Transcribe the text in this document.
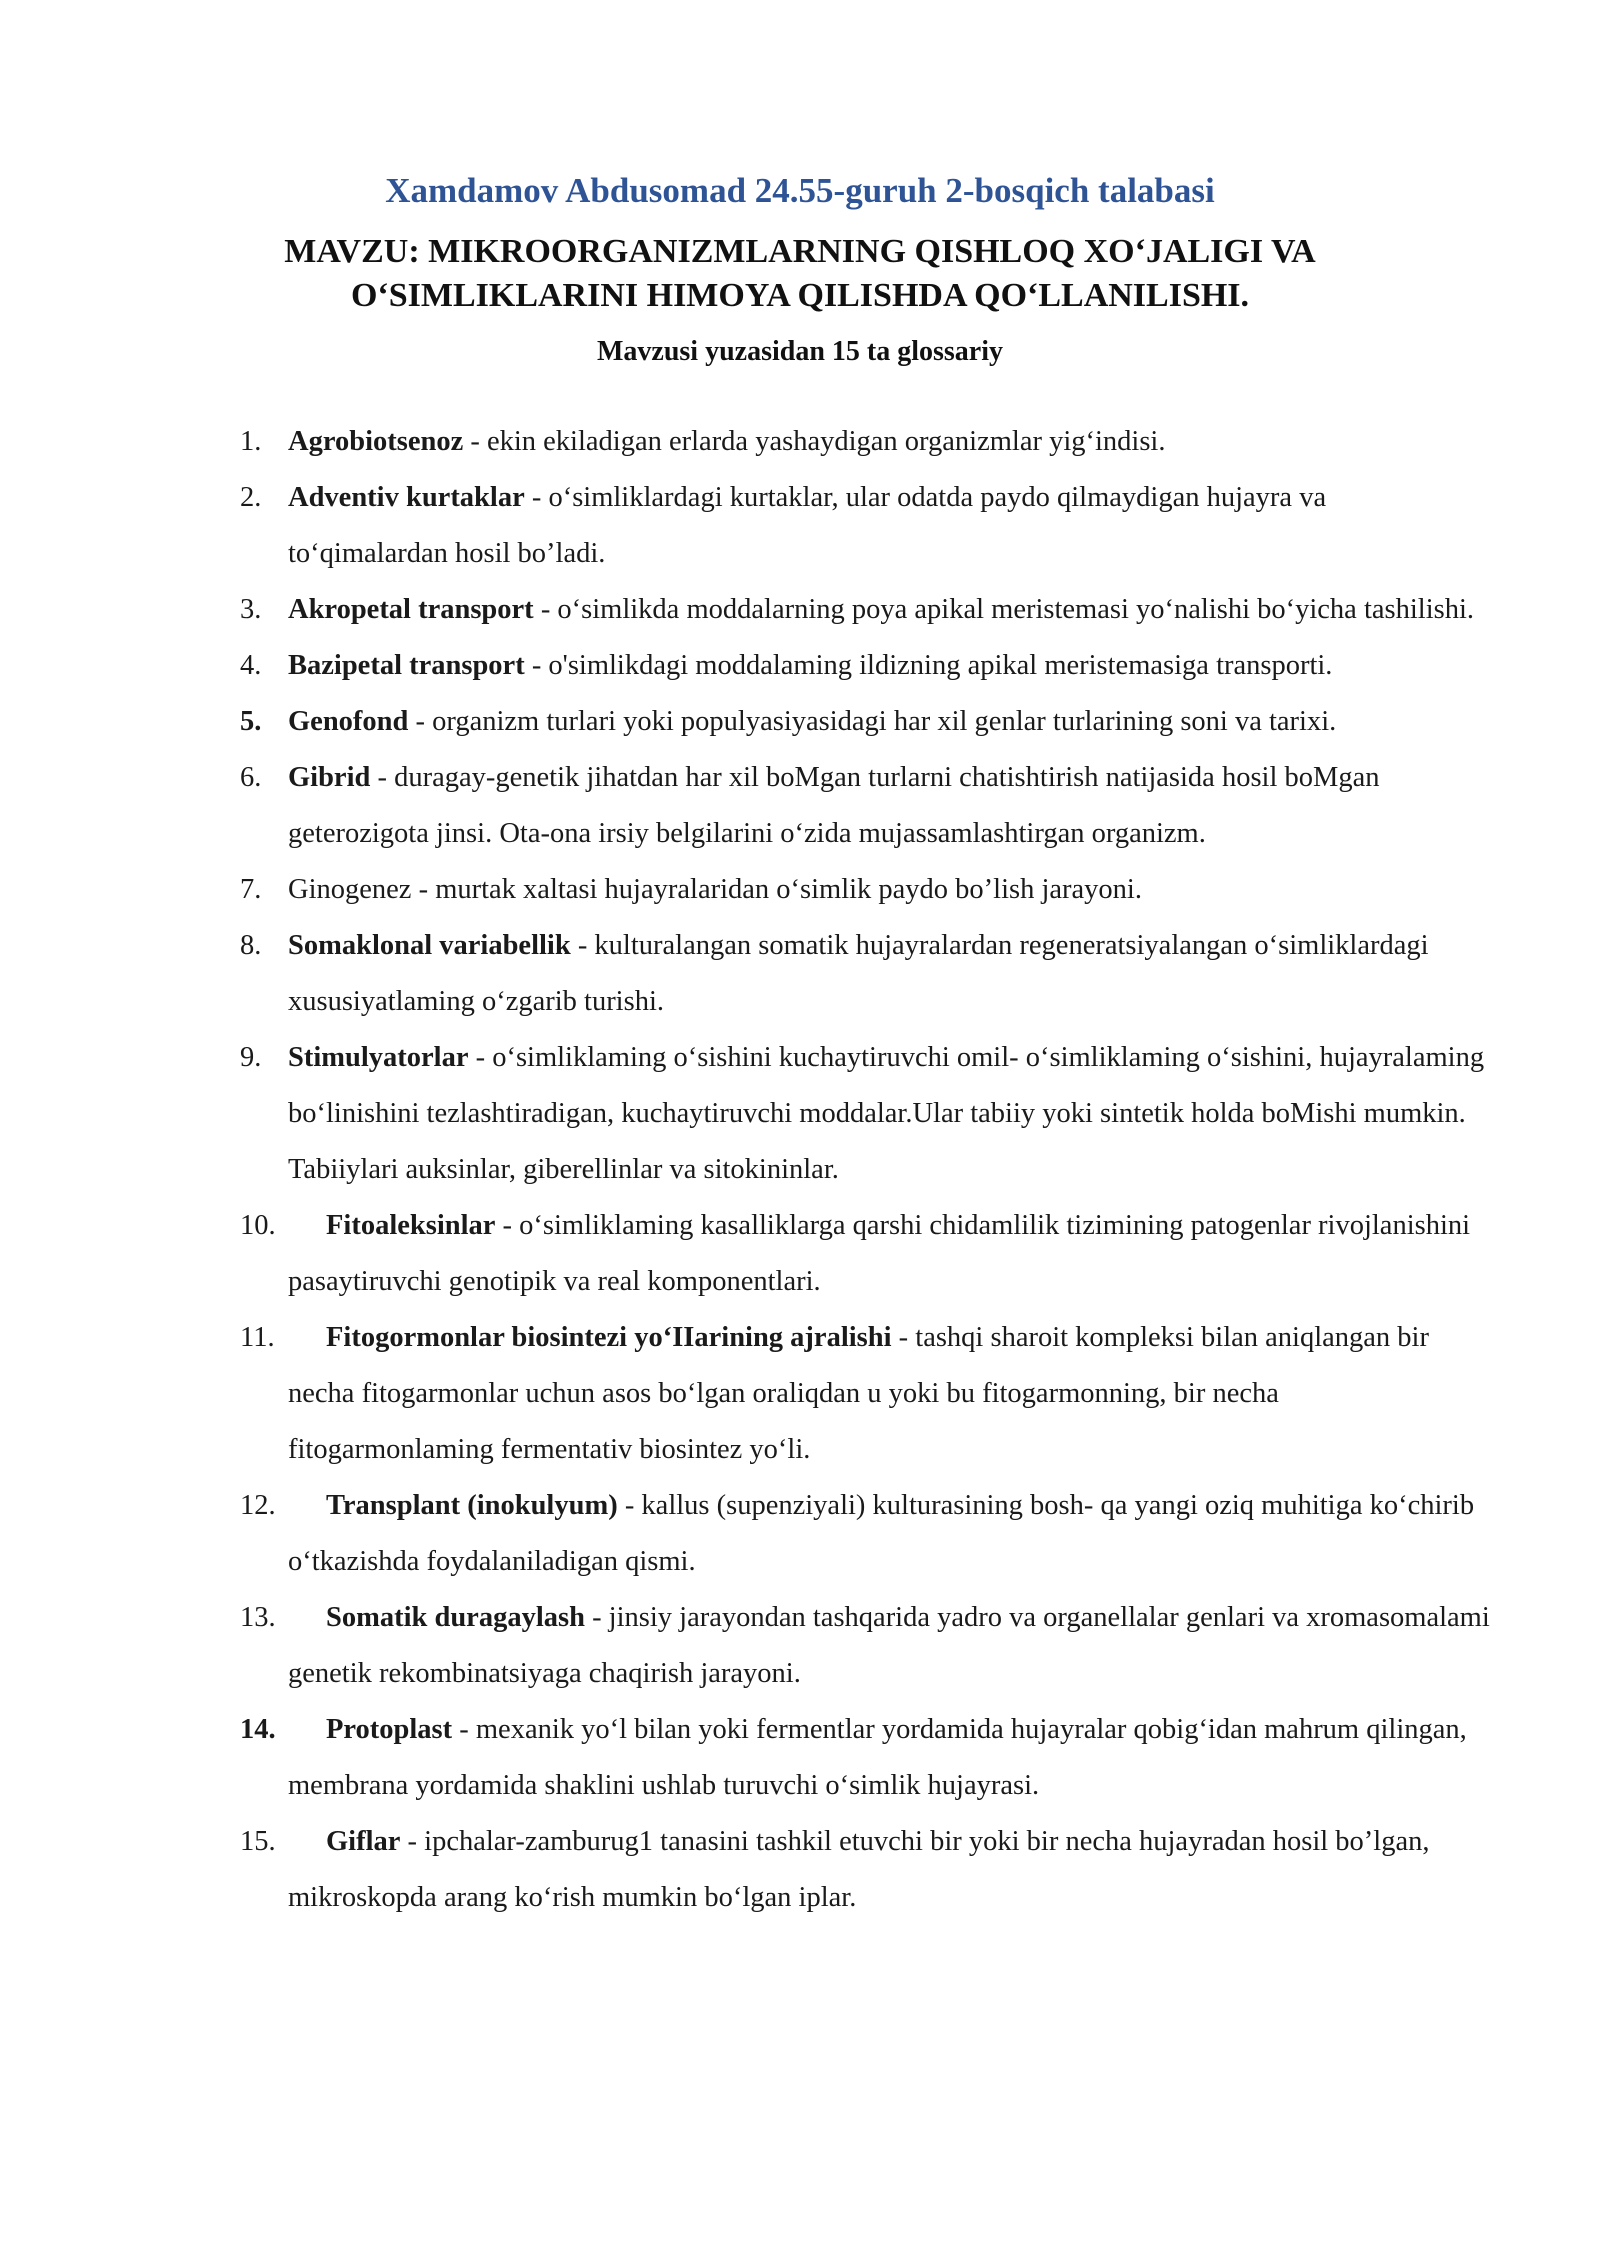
Xamdamov Abdusomad 24.55-guruh 2-bosqich talabasi
MAVZU: MIKROORGANIZMLARNING QISHLOQ XO‘JALIGI VA O‘SIMLIKLARINI HIMOYA QILISHDA QO‘LLANILISHI.
Mavzusi yuzasidan 15 ta glossariy
1. Agrobiotsenoz - ekin ekiladigan erlarda yashaydigan organizmlar yig‘indisi.
2. Adventiv kurtaklar - o‘simliklardagi kurtaklar, ular odatda paydo qilmaydigan hujayra va to‘qimalardan hosil bo’ladi.
3. Akropetal transport - o‘simlikda moddalarning poya apikal meristemasi yo‘nalishi bo‘yicha tashilishi.
4. Bazipetal transport - o'simlikdagi moddalaming ildizning apikal meristemasiga transporti.
5. Genofond - organizm turlari yoki populyasiyasidagi har xil genlar turlarining soni va tarixi.
6. Gibrid - duragay-genetik jihatdan har xil boMgan turlarni chatishtirish natijasida hosil boMgan geterozigota jinsi. Ota-ona irsiy belgilarini o‘zida mujassamlashtirgan organizm.
7. Ginogenez - murtak xaltasi hujayralaridan o‘simlik paydo bo’lish jarayoni.
8. Somaklonal variabellik - kulturalangan somatik hujayralardan regeneratsiyalangan o‘simliklardagi xususiyatlaming o‘zgarib turishi.
9. Stimulyatorlar - o‘simliklaming o‘sishini kuchaytiruvchi omil- o‘simliklaming o‘sishini, hujayralaming bo‘linishini tezlashtiradigan, kuchaytiruvchi moddalar.Ular tabiiy yoki sintetik holda boMishi mumkin. Tabiiylari auksinlar, giberellinlar va sitokininlar.
10. Fitoaleksinlar - o‘simliklaming kasalliklarga qarshi chidamlilik tizimining patogenlar rivojlanishini pasaytiruvchi genotipik va real komponentlari.
11. Fitogormonlar biosintezi yo‘IIarining ajralishi - tashqi sharoit kompleksi bilan aniqlangan bir necha fitogarmonlar uchun asos bo‘lgan oraliqdan u yoki bu fitogarmonning, bir necha fitogarmonlaming fermentativ biosintez yo‘li.
12. Transplant (inokulyum) - kallus (supenziyali) kulturasining bosh- qa yangi oziq muhitiga ko‘chirib o‘tkazishda foydalaniladigan qismi.
13. Somatik duragaylash - jinsiy jarayondan tashqarida yadro va organellalar genlari va xromasomalami genetik rekombinatsiyaga chaqirish jarayoni.
14. Protoplast - mexanik yo‘l bilan yoki fermentlar yordamida hujayralar qobig‘idan mahrum qilingan, membrana yordamida shaklini ushlab turuvchi o‘simlik hujayrasi.
15. Giflar - ipchalar-zamburug1 tanasini tashkil etuvchi bir yoki bir necha hujayradan hosil bo’lgan, mikroskopda arang ko‘rish mumkin bo‘lgan iplar.
